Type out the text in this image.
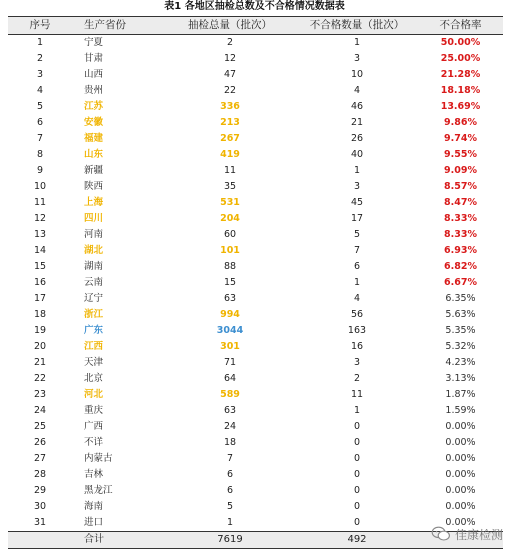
表1 各地区抽检总数及不合格情况数据表
序号	生产省份	抽检总量（批次）	不合格数量（批次）	不合格率
1	宁夏	2	1	50.00%
2	甘肃	12	3	25.00%
3	山西	47	10	21.28%
4	贵州	22	4	18.18%
5	江苏	336	46	13.69%
6	安徽	213	21	9.86%
7	福建	267	26	9.74%
8	山东	419	40	9.55%
9	新疆	11	1	9.09%
10	陕西	35	3	8.57%
11	上海	531	45	8.47%
12	四川	204	17	8.33%
13	河南	60	5	8.33%
14	湖北	101	7	6.93%
15	湖南	88	6	6.82%
16	云南	15	1	6.67%
17	辽宁	63	4	6.35%
18	浙江	994	56	5.63%
19	广东	3044	163	5.35%
20	江西	301	16	5.32%
21	天津	71	3	4.23%
22	北京	64	2	3.13%
23	河北	589	11	1.87%
24	重庆	63	1	1.59%
25	广西	24	0	0.00%
26	不详	18	0	0.00%
27	内蒙古	7	0	0.00%
28	吉林	6	0	0.00%
29	黑龙江	6	0	0.00%
30	海南	5	0	0.00%
31	进口	1	0	0.00%
	合计	7619	492		佳康检测
